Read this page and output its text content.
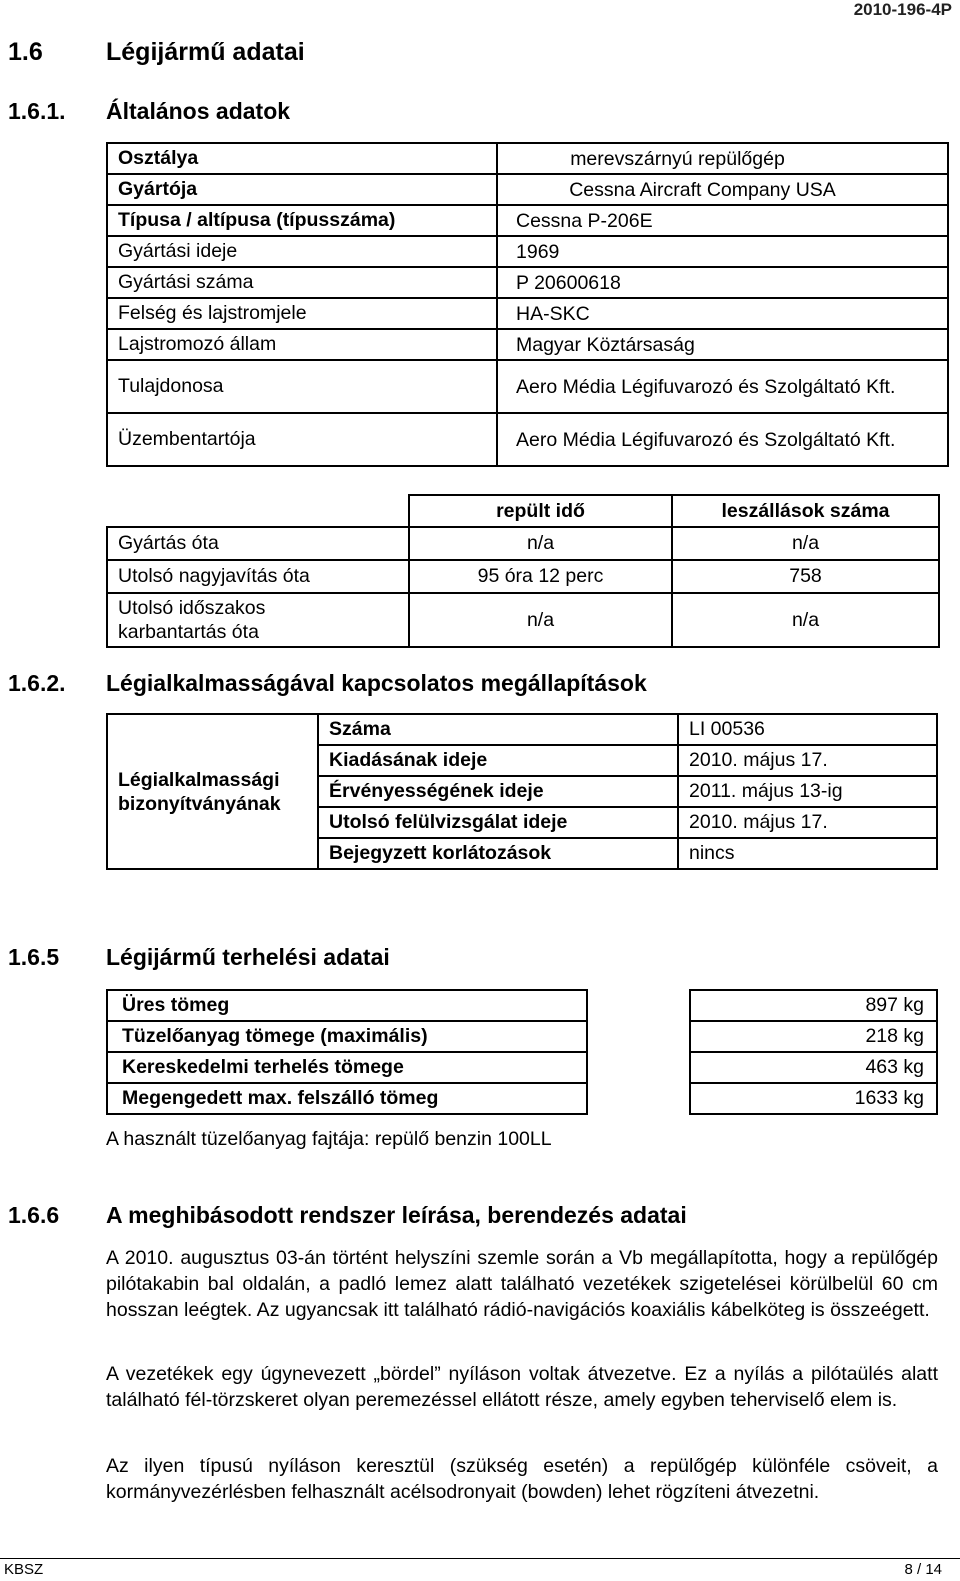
2010-196-4P
1.6	Légijármű adatai
1.6.1. Általános adatok
Osztálya	merevszárnyú repülőgép
Gyártója	Cessna Aircraft Company USA
Típusa / altípusa (típusszáma)	Cessna P-206E
Gyártási ideje	1969
Gyártási száma	P 20600618
Felség és lajstromjele	HA-SKC
Lajstromozó állam	Magyar Köztársaság
Tulajdonosa	Aero Média Légifuvarozó és Szolgáltató Kft.
Üzembentartója	Aero Média Légifuvarozó és Szolgáltató Kft.
	repült idő	leszállások száma
Gyártás óta	n/a	n/a
Utolsó nagyjavítás óta	95 óra 12 perc	758
Utolsó időszakos karbantartás óta	n/a	n/a
1.6.2. Légialkalmasságával kapcsolatos megállapítások
Légialkalmassági bizonyítványának	Száma	LI 00536
	Kiadásának ideje	2010. május 17.
	Érvényességének ideje	2011. május 13-ig
	Utolsó felülvizsgálat ideje	2010. május 17.
	Bejegyzett korlátozások	nincs
1.6.5 Légijármű terhelési adatai
Üres tömeg		897 kg
Tüzelőanyag tömege (maximális)		218 kg
Kereskedelmi terhelés tömege		463 kg
Megengedett max. felszálló tömeg		1633 kg
A használt tüzelőanyag fajtája: repülő benzin 100LL
1.6.6 A meghibásodott rendszer leírása, berendezés adatai
A 2010. augusztus 03-án történt helyszíni szemle során a Vb megállapította, hogy a repülőgép pilótakabin bal oldalán, a padló lemez alatt található vezetékek szigetelései körülbelül 60 cm hosszan leégtek. Az ugyancsak itt található rádió-navigációs koaxiális kábelköteg is összeégett.
A vezetékek egy úgynevezett „bördel” nyíláson voltak átvezetve. Ez a nyílás a pilótaülés alatt található fél-törzskeret olyan peremezéssel ellátott része, amely egyben teherviselő elem is.
Az ilyen típusú nyíláson keresztül (szükség esetén) a repülőgép különféle csöveit, a kormányvezérlésben felhasznált acélsodronyait (bowden) lehet rögzíteni átvezetni.
KBSZ	8 / 14
